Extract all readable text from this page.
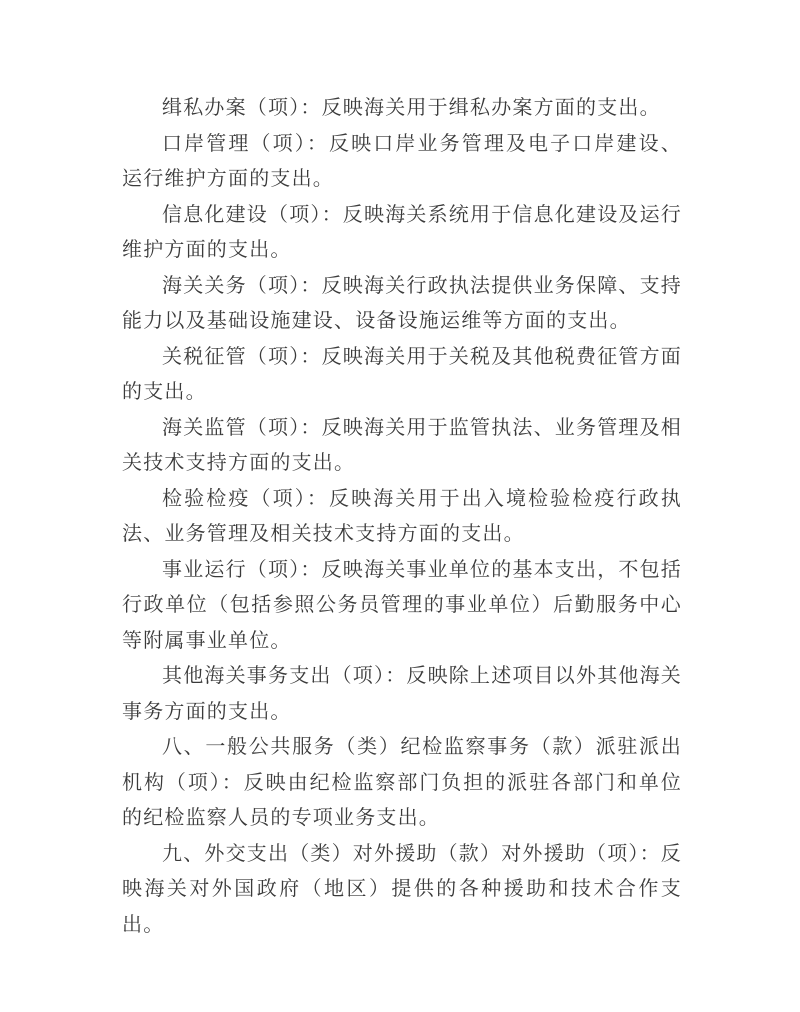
缉私办案（项）：反映海关用于缉私办案方面的支出。

口岸管理（项）：反映口岸业务管理及电子口岸建设、 运行维护方面的支出。

信息化建设（项）：反映海关系统用于信息化建设及运行维护方面的支出。

海关关务（项）：反映海关行政执法提供业务保障、支持能力以及基础设施建设、设备设施运维等方面的支出。

关税征管（项）：反映海关用于关税及其他税费征管方面的支出。

海关监管（项）：反映海关用于监管执法、业务管理及相关技术支持方面的支出。

检验检疫（项）：反映海关用于出入境检验检疫行政执法、业务管理及相关技术支持方面的支出。

事业运行（项）：反映海关事业单位的基本支出，不包括行政单位（包括参照公务员管理的事业单位）后勤服务中心等附属事业单位。

其他海关事务支出（项）：反映除上述项目以外其他海关事务方面的支出。

八、一般公共服务（类）纪检监察事务（款）派驻派出机构（项）：反映由纪检监察部门负担的派驻各部门和单位的纪检监察人员的专项业务支出。

九、外交支出（类）对外援助（款）对外援助（项）：反映海关对外国政府（地区）提供的各种援助和技术合作支出。
